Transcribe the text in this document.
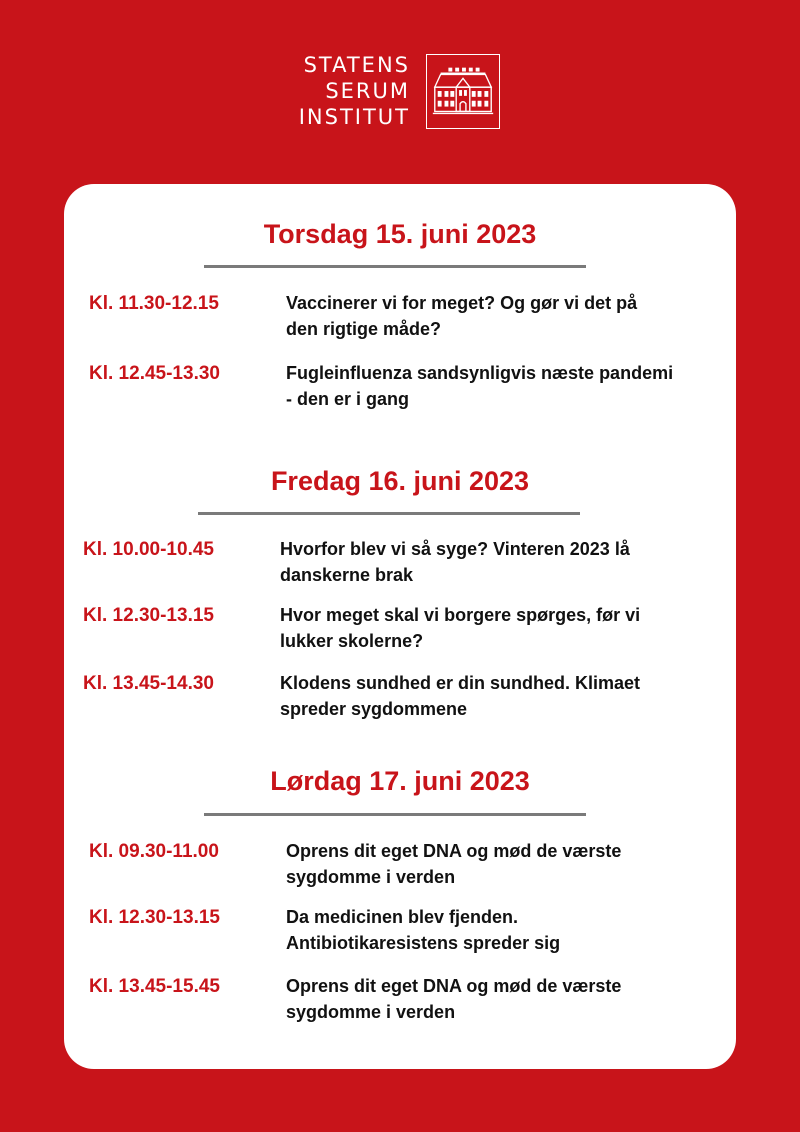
STATENS
SERUM
INSTITUT
Torsdag 15. juni 2023
Kl. 11.30-12.15	Vaccinerer vi for meget? Og gør vi det på
den rigtige måde?
Kl. 12.45-13.30	Fugleinfluenza sandsynligvis næste pandemi
- den er i gang
Fredag 16. juni 2023
Kl. 10.00-10.45	Hvorfor blev vi så syge? Vinteren 2023 lå
danskerne brak
Kl. 12.30-13.15	Hvor meget skal vi borgere spørges, før vi
lukker skolerne?
Kl. 13.45-14.30	Klodens sundhed er din sundhed. Klimaet
spreder sygdommene
Lørdag 17. juni 2023
Kl. 09.30-11.00	Oprens dit eget DNA og mød de værste
sygdomme i verden
Kl. 12.30-13.15	Da medicinen blev fjenden.
Antibiotikaresistens spreder sig
Kl. 13.45-15.45	Oprens dit eget DNA og mød de værste
sygdomme i verden
